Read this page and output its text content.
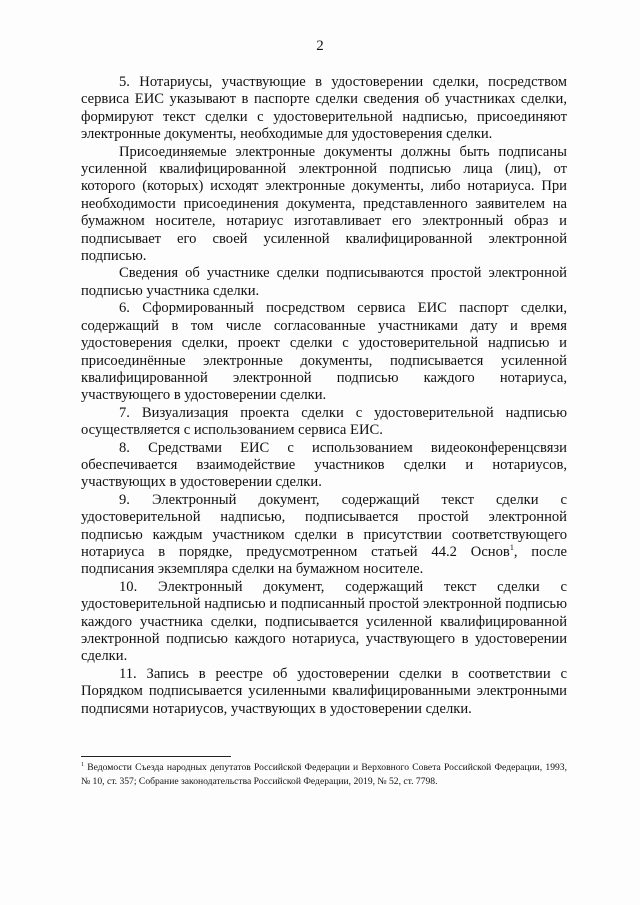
2

5. Нотариусы, участвующие в удостоверении сделки, посредством сервиса ЕИС указывают в паспорте сделки сведения об участниках сделки, формируют текст сделки с удостоверительной надписью, присоединяют электронные документы, необходимые для удостоверения сделки.

Присоединяемые электронные документы должны быть подписаны усиленной квалифицированной электронной подписью лица (лиц), от которого (которых) исходят электронные документы, либо нотариуса. При необходимости присоединения документа, представленного заявителем на бумажном носителе, нотариус изготавливает его электронный образ и подписывает его своей усиленной квалифицированной электронной подписью.

Сведения об участнике сделки подписываются простой электронной подписью участника сделки.

6. Сформированный посредством сервиса ЕИС паспорт сделки, содержащий в том числе согласованные участниками дату и время удостоверения сделки, проект сделки с удостоверительной надписью и присоединённые электронные документы, подписывается усиленной квалифицированной электронной подписью каждого нотариуса, участвующего в удостоверении сделки.

7. Визуализация проекта сделки с удостоверительной надписью осуществляется с использованием сервиса ЕИС.

8. Средствами ЕИС с использованием видеоконференцсвязи обеспечивается взаимодействие участников сделки и нотариусов, участвующих в удостоверении сделки.

9. Электронный документ, содержащий текст сделки с удостоверительной надписью, подписывается простой электронной подписью каждым участником сделки в присутствии соответствующего нотариуса в порядке, предусмотренном статьей 44.2 Основ$^1$, после подписания экземпляра сделки на бумажном носителе.

10. Электронный документ, содержащий текст сделки с удостоверительной надписью и подписанный простой электронной подписью каждого участника сделки, подписывается усиленной квалифицированной электронной подписью каждого нотариуса, участвующего в удостоверении сделки.

11. Запись в реестре об удостоверении сделки в соответствии с Порядком подписывается усиленными квалифицированными электронными подписями нотариусов, участвующих в удостоверении сделки.

$^1$ Ведомости Съезда народных депутатов Российской Федерации и Верховного Совета Российской Федерации, 1993, № 10, ст. 357; Собрание законодательства Российской Федерации, 2019, № 52, ст. 7798.
